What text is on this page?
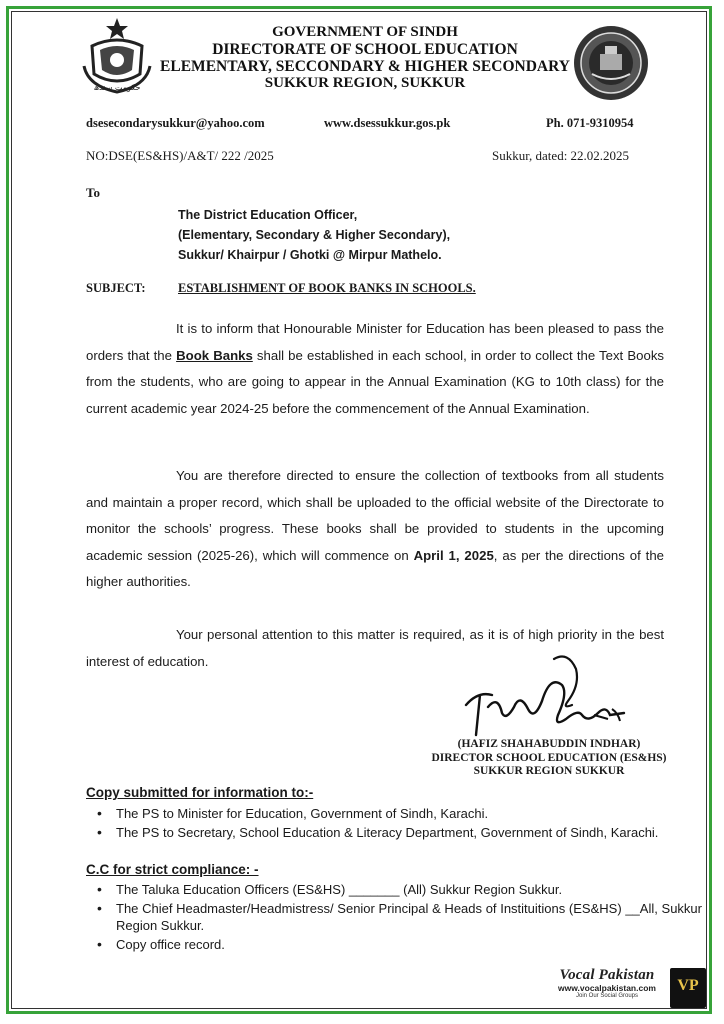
حکومت سندھ
GOVERNMENT OF SINDH
DIRECTORATE OF SCHOOL EDUCATION
ELEMENTARY, SECCONDARY & HIGHER SECONDARY
SUKKUR REGION, SUKKUR
dsesecondarysukkur@yahoo.com	www.dsessukkur.gos.pk	Ph. 071-9310954
NO:DSE(ES&HS)/A&T/ 222 /2025	Sukkur, dated: 22.02.2025
To
The District Education Officer,
(Elementary, Secondary & Higher Secondary),
Sukkur/ Khairpur / Ghotki @ Mirpur Mathelo.
SUBJECT:	ESTABLISHMENT OF BOOK BANKS IN SCHOOLS.
It is to inform that Honourable Minister for Education has been pleased to pass the orders that the Book Banks shall be established in each school, in order to collect the Text Books from the students, who are going to appear in the Annual Examination (KG to 10th class) for the current academic year 2024-25 before the commencement of the Annual Examination.
You are therefore directed to ensure the collection of textbooks from all students and maintain a proper record, which shall be uploaded to the official website of the Directorate to monitor the schools’ progress. These books shall be provided to students in the upcoming academic session (2025-26), which will commence on April 1, 2025, as per the directions of the higher authorities.
Your personal attention to this matter is required, as it is of high priority in the best interest of education.
(HAFIZ SHAHABUDDIN INDHAR)
DIRECTOR SCHOOL EDUCATION (ES&HS)
SUKKUR REGION SUKKUR
Copy submitted for information to:-
• The PS to Minister for Education, Government of Sindh, Karachi.
• The PS to Secretary, School Education & Literacy Department, Government of Sindh, Karachi.
C.C for strict compliance: -
• The Taluka Education Officers (ES&HS) _______ (All) Sukkur Region Sukkur.
• The Chief Headmaster/Headmistress/ Senior Principal & Heads of Instituitions (ES&HS) __All, Sukkur Region Sukkur.
• Copy office record.
Vocal Pakistan
www.vocalpakistan.com
Join Our Social Groups
VP
